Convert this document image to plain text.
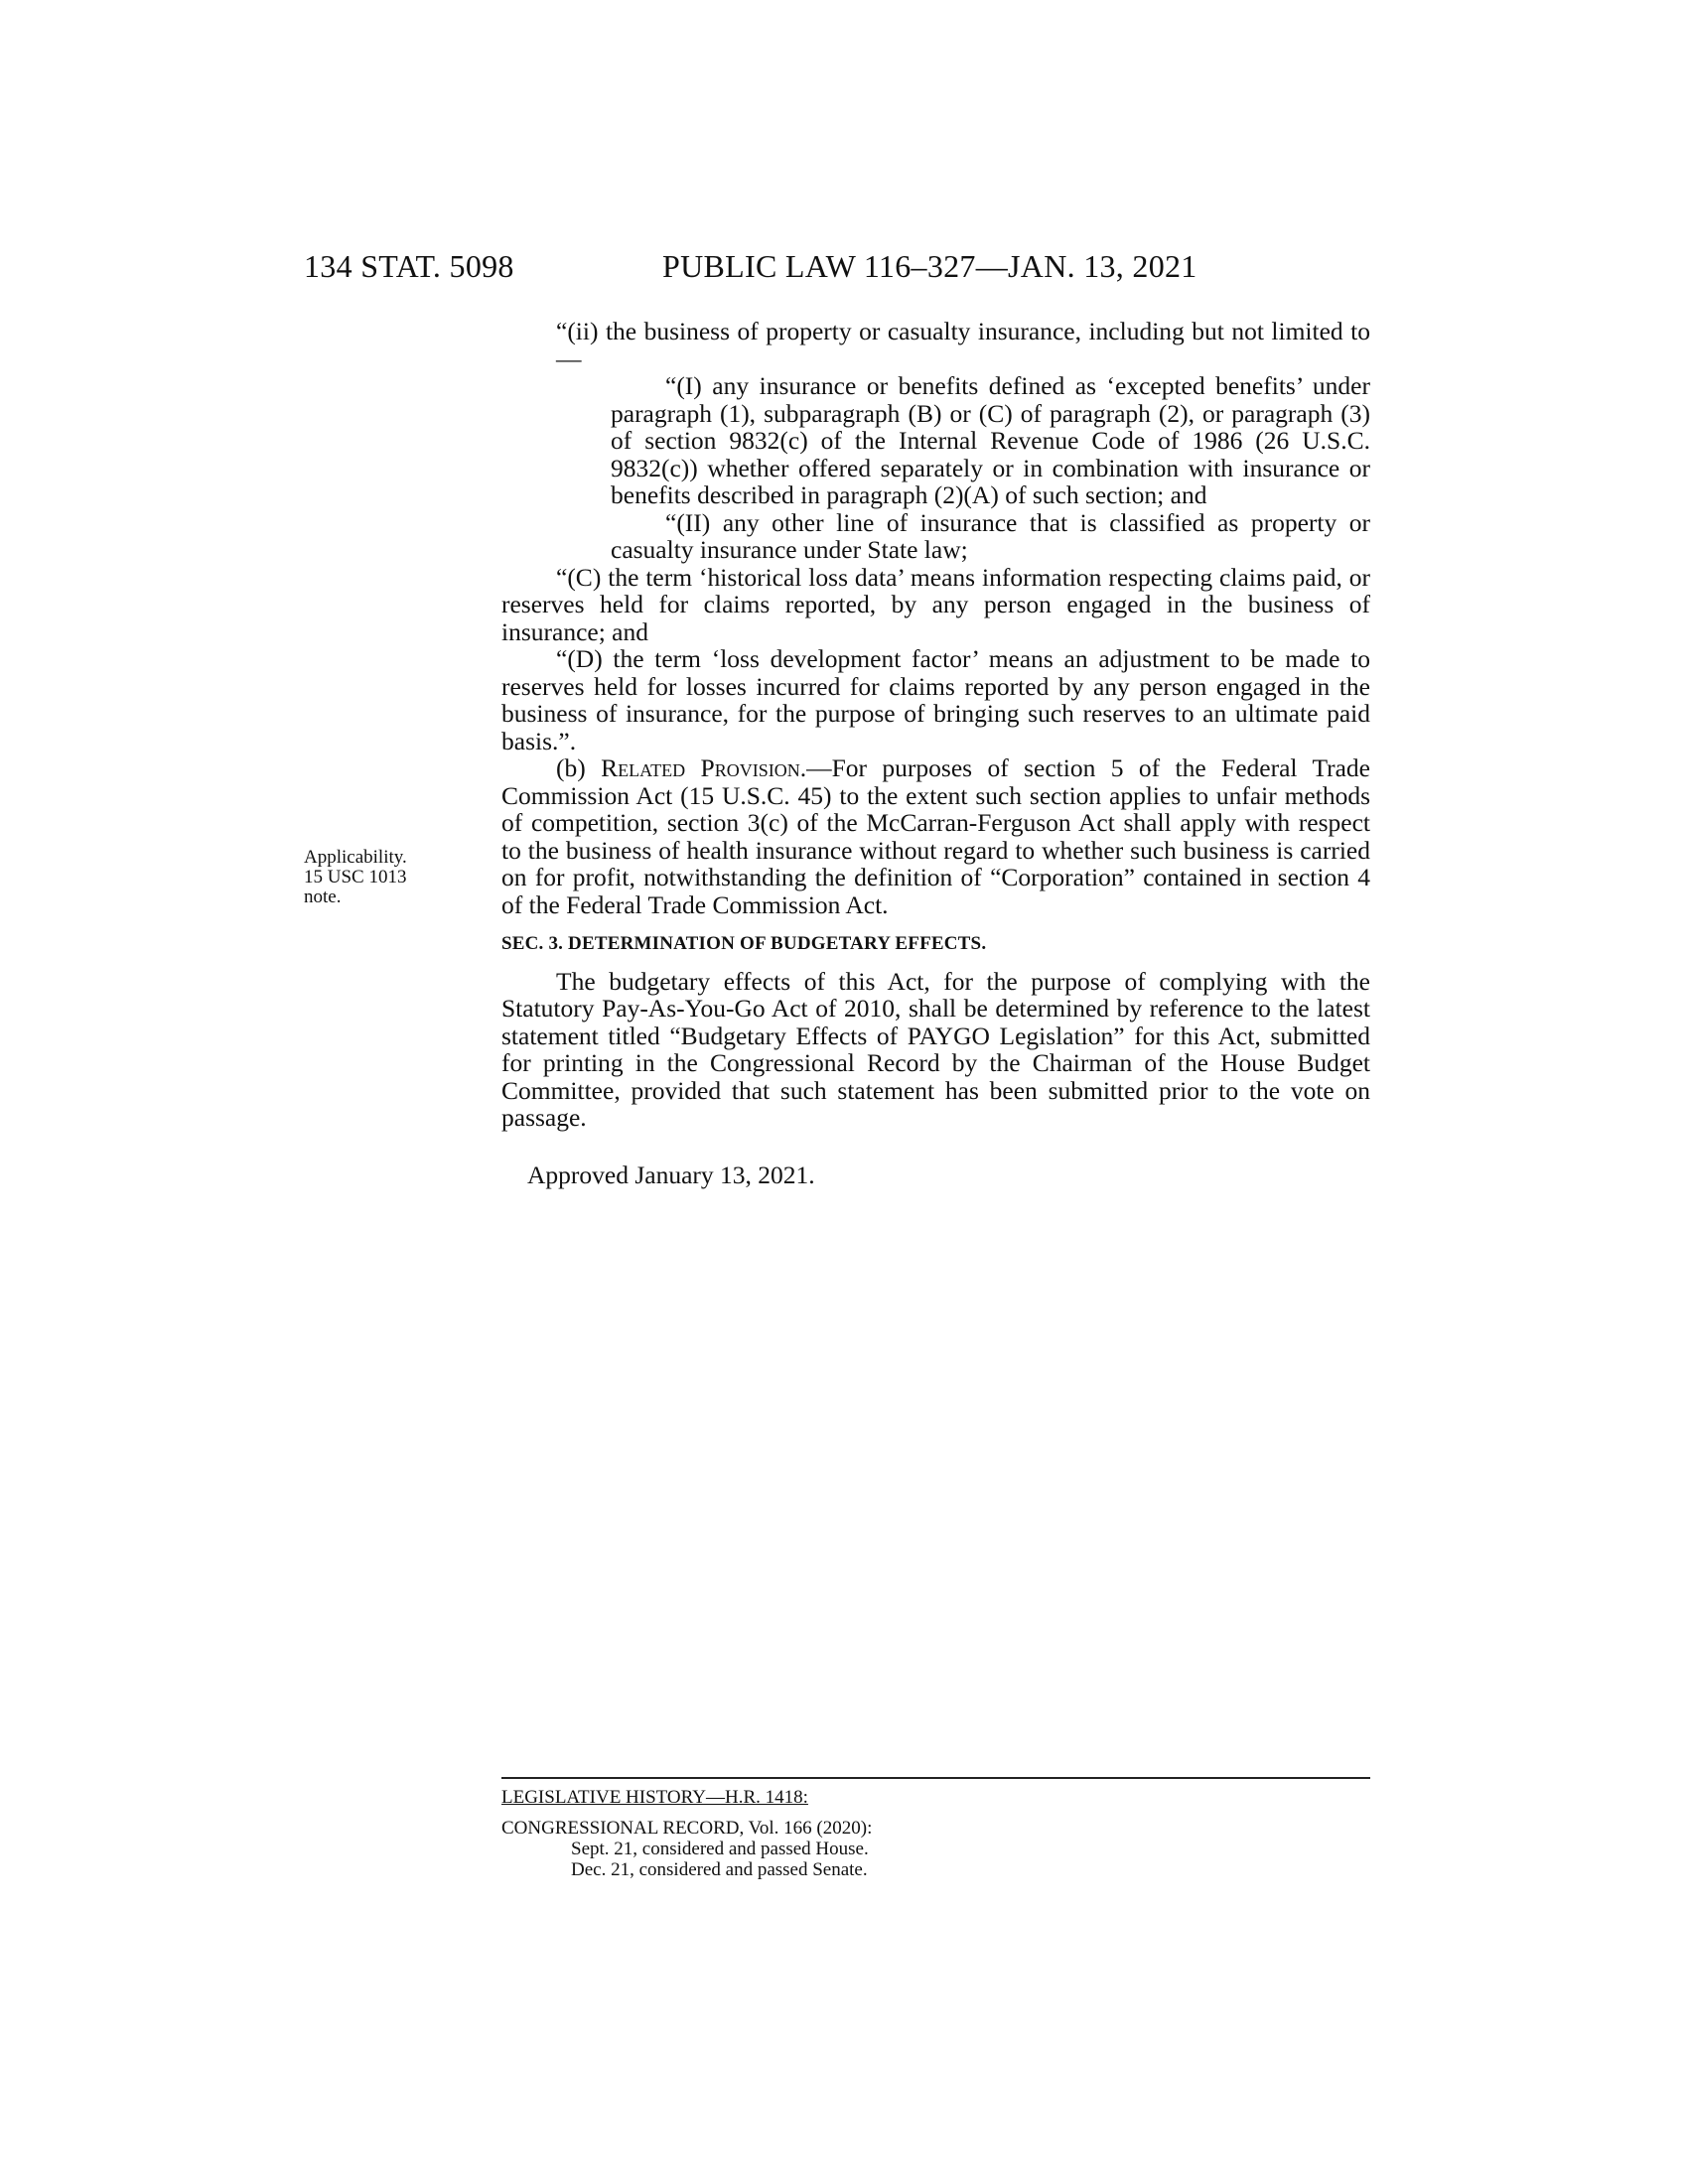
134 STAT. 5098	PUBLIC LAW 116–327—JAN. 13, 2021
Applicability.
15 USC 1013
note.

“(ii) the business of property or casualty insurance, including but not limited to—

“(I) any insurance or benefits defined as ‘excepted benefits’ under paragraph (1), subparagraph (B) or (C) of paragraph (2), or paragraph (3) of section 9832(c) of the Internal Revenue Code of 1986 (26 U.S.C. 9832(c)) whether offered separately or in combination with insurance or benefits described in paragraph (2)(A) of such section; and

“(II) any other line of insurance that is classified as property or casualty insurance under State law;

“(C) the term ‘historical loss data’ means information respecting claims paid, or reserves held for claims reported, by any person engaged in the business of insurance; and

“(D) the term ‘loss development factor’ means an adjustment to be made to reserves held for losses incurred for claims reported by any person engaged in the business of insurance, for the purpose of bringing such reserves to an ultimate paid basis.”.

(b) Related Provision.—For purposes of section 5 of the Federal Trade Commission Act (15 U.S.C. 45) to the extent such section applies to unfair methods of competition, section 3(c) of the McCarran-Ferguson Act shall apply with respect to the business of health insurance without regard to whether such business is carried on for profit, notwithstanding the definition of “Corporation” contained in section 4 of the Federal Trade Commission Act.

SEC. 3. DETERMINATION OF BUDGETARY EFFECTS.

The budgetary effects of this Act, for the purpose of complying with the Statutory Pay-As-You-Go Act of 2010, shall be determined by reference to the latest statement titled “Budgetary Effects of PAYGO Legislation” for this Act, submitted for printing in the Congressional Record by the Chairman of the House Budget Committee, provided that such statement has been submitted prior to the vote on passage.

Approved January 13, 2021.

LEGISLATIVE HISTORY—H.R. 1418:
CONGRESSIONAL RECORD, Vol. 166 (2020):
Sept. 21, considered and passed House.
Dec. 21, considered and passed Senate.
